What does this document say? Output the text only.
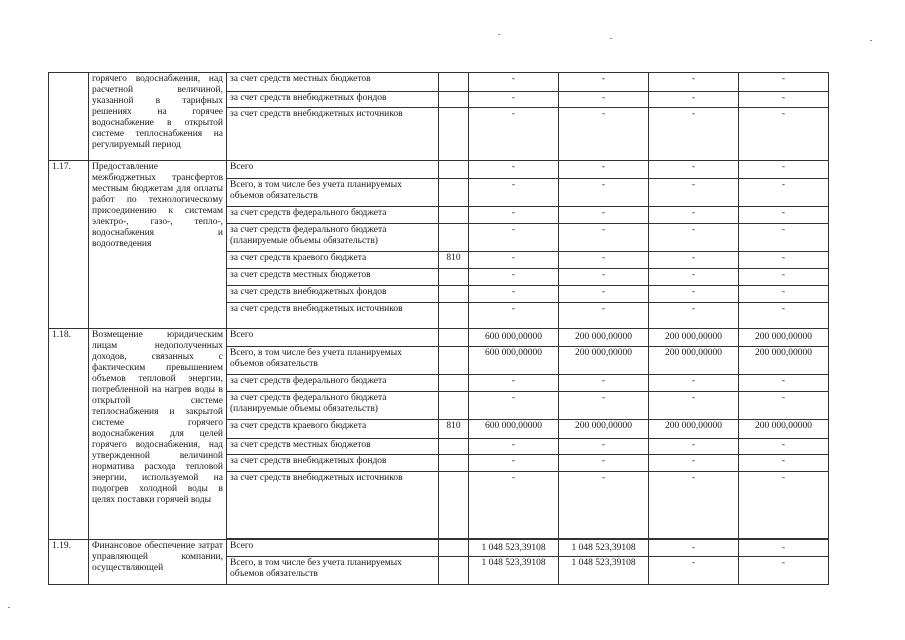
	горячего водоснабжения, над расчетной величиной, указанной в тарифных решениях на горячее водоснабжение в открытой системе теплоснабжения на регулируемый период	за счет средств местных бюджетов		-	-	-	-
		за счет средств внебюджетных фондов		-	-	-	-
		за счет средств внебюджетных источников		-	-	-	-
1.17.	Предоставление межбюджетных трансфертов местным бюджетам для оплаты работ по технологическому присоединению к системам электро-, газо-, тепло-, водоснабжения и водоотведения	Всего		-	-	-	-
		Всего, в том числе без учета планируемых объемов обязательств		-	-	-	-
		за счет средств федерального бюджета		-	-	-	-
		за счет средств федерального бюджета (планируемые объемы обязательств)		-	-	-	-
		за счет средств краевого бюджета	810	-	-	-	-
		за счет средств местных бюджетов		-	-	-	-
		за счет средств внебюджетных фондов		-	-	-	-
		за счет средств внебюджетных источников		-	-	-	-
1.18.	Возмещение юридическим лицам недополученных доходов, связанных с фактическим превышением объемов тепловой энергии, потребленной на нагрев воды в открытой системе теплоснабжения и закрытой системе горячего водоснабжения для целей горячего водоснабжения, над утвержденной величиной норматива расхода тепловой энергии, используемой на подогрев холодной воды в целях поставки горячей воды	Всего		600 000,00000	200 000,00000	200 000,00000	200 000,00000
		Всего, в том числе без учета планируемых объемов обязательств		600 000,00000	200 000,00000	200 000,00000	200 000,00000
		за счет средств федерального бюджета		-	-	-	-
		за счет средств федерального бюджета (планируемые объемы обязательств)		-	-	-	-
		за счет средств краевого бюджета	810	600 000,00000	200 000,00000	200 000,00000	200 000,00000
		за счет средств местных бюджетов		-	-	-	-
		за счет средств внебюджетных фондов		-	-	-	-
		за счет средств внебюджетных источников		-	-	-	-

1.19.	Финансовое обеспечение затрат управляющей компании, осуществляющей	Всего		1 048 523,39108	1 048 523,39108	-	-
		Всего, в том числе без учета планируемых объемов обязательств		1 048 523,39108	1 048 523,39108	-	-
